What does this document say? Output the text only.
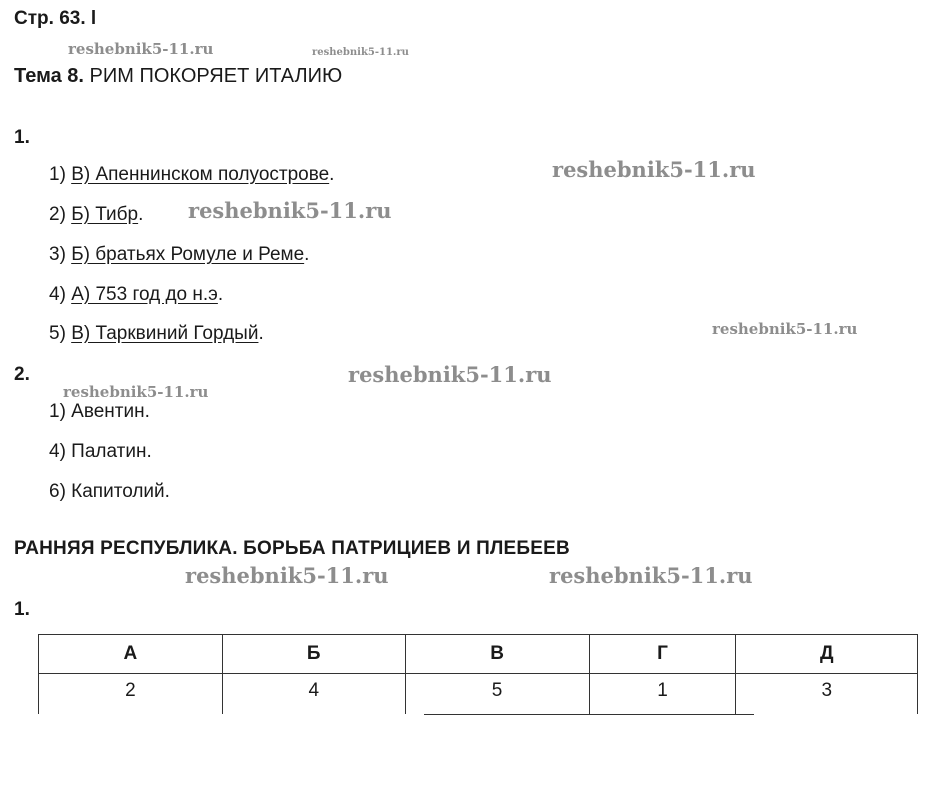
Стр. 63. l
reshebnik5-11.ru	reshebnik5-11.ru
reshebnik5-11.ru
reshebnik5-11.ru
reshebnik5-11.ru
reshebnik5-11.ru
reshebnik5-11.ru
reshebnik5-11.ru	reshebnik5-11.ru
Тема 8. РИМ ПОКОРЯЕТ ИТАЛИЮ
1.
1) В) Апеннинском полуострове.
2) Б) Тибр.
3) Б) братьях Ромуле и Реме.
4) А) 753 год до н.э.
5) В) Тарквиний Гордый.
2.
1) Авентин.
4) Палатин.
6) Капитолий.
РАННЯЯ РЕСПУБЛИКА. БОРЬБА ПАТРИЦИЕВ И ПЛЕБЕЕВ
1.
А	Б	В	Г	Д
2	4	5	1	3
